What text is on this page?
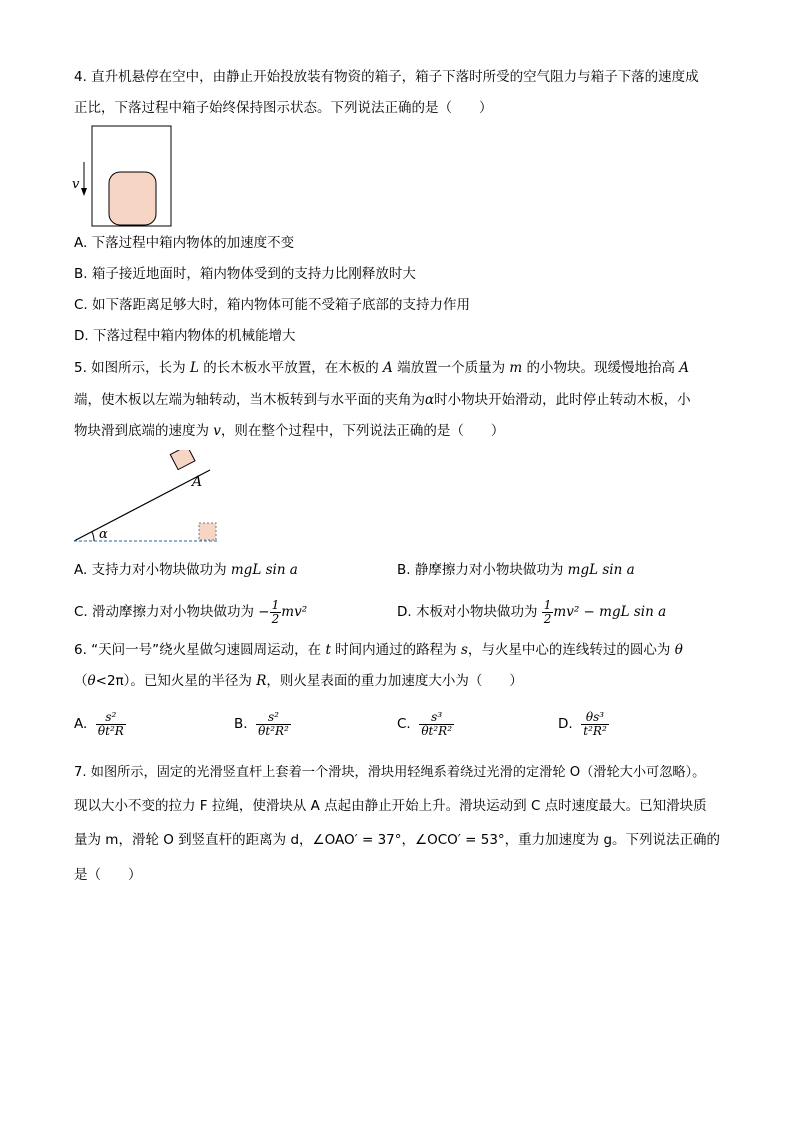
4. 直升机悬停在空中，由静止开始投放装有物资的箱子，箱子下落时所受的空气阻力与箱子下落的速度成
正比，下落过程中箱子始终保持图示状态。下列说法正确的是（　　）
v
A. 下落过程中箱内物体的加速度不变
B. 箱子接近地面时，箱内物体受到的支持力比刚释放时大
C. 如下落距离足够大时，箱内物体可能不受箱子底部的支持力作用
D. 下落过程中箱内物体的机械能增大
5. 如图所示，长为 L 的长木板水平放置，在木板的 A 端放置一个质量为 m 的小物块。现缓慢地抬高 A
端，使木板以左端为轴转动，当木板转到与水平面的夹角为α时小物块开始滑动，此时停止转动木板，小
物块滑到底端的速度为 v，则在整个过程中，下列说法正确的是（　　）
α
A
A. 支持力对小物块做功为 mgL sin a	B. 静摩擦力对小物块做功为 mgL sin a
C. 滑动摩擦力对小物块做功为 − $\frac{1}{2} mv^2$	D. 木板对小物块做功为 $\frac{1}{2} mv^2$ − mgL sin a
6. “天问一号”绕火星做匀速圆周运动，在 t 时间内通过的路程为 s，与火星中心的连线转过的圆心为 θ
（θ<2π）。已知火星的半径为 R，则火星表面的重力加速度大小为（　　）
A. $\frac{\text{s²}}{\text{θt²R}}$	B. $\frac{\text{s²}}{\text{θt²R²}}$	C. $\frac{\text{s³}}{\text{θt²R²}}$	D. $\frac{\text{θs³}}{\text{t²R²}}$
7. 如图所示，固定的光滑竖直杆上套着一个滑块，滑块用轻绳系着绕过光滑的定滑轮 O（滑轮大小可忽略）。
现以大小不变的拉力 F 拉绳，使滑块从 A 点起由静止开始上升。滑块运动到 C 点时速度最大。已知滑块质
量为 m，滑轮 O 到竖直杆的距离为 d，∠OAO′ = 37°，∠OCO′ = 53°，重力加速度为 g。下列说法正确的
是（　　）
